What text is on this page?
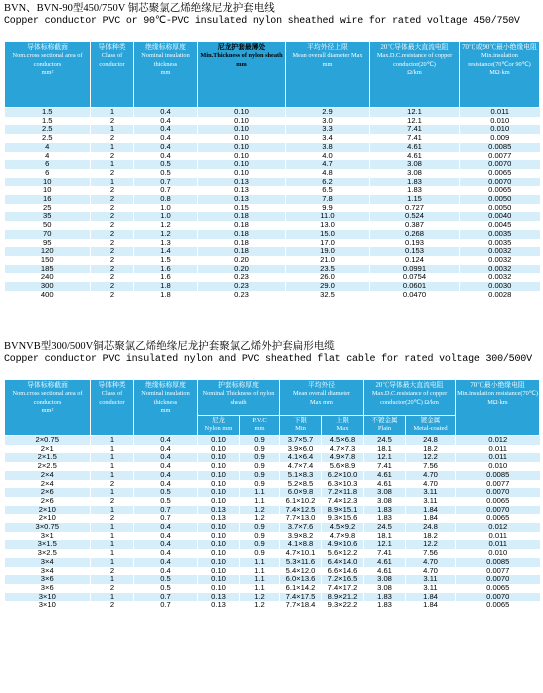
BVN、BVN-90型450/750V 铜芯聚氯乙烯绝缘尼龙护套电线
Copper conductor PVC or 90℃-PVC insulated nylon sheathed wire for rated voltage 450/750V
导体标称截面
Nom.cross sectional area of conductors
mm²	导体种类
Class of conductor	绝缘标称厚度
Nominal insulation thickness
mm	尼龙护套最薄处
Min.Thickness of nylon sheath
mm	平均外径上限
Mean overall diameter Max
mm	20℃导体最大直流电阻
Max.D.C.resistance of copper conductor(20℃)
Ω/km	70℃或90℃最小绝缘电阻
Min.insulation resistance(70℃or 90℃)
MΩ·km
1.5	1	0.4	0.10	2.9	12.1	0.011
1.5	2	0.4	0.10	3.0	12.1	0.010
2.5	1	0.4	0.10	3.3	7.41	0.010
2.5	2	0.4	0.10	3.4	7.41	0.009
4	1	0.4	0.10	3.8	4.61	0.0085
4	2	0.4	0.10	4.0	4.61	0.0077
6	1	0.5	0.10	4.7	3.08	0.0070
6	2	0.5	0.10	4.8	3.08	0.0065
10	1	0.7	0.13	6.2	1.83	0.0070
10	2	0.7	0.13	6.5	1.83	0.0065
16	2	0.8	0.13	7.8	1.15	0.0050
25	2	1.0	0.15	9.9	0.727	0.0050
35	2	1.0	0.18	11.0	0.524	0.0040
50	2	1.2	0.18	13.0	0.387	0.0045
70	2	1.2	0.18	15.0	0.268	0.0035
95	2	1.3	0.18	17.0	0.193	0.0035
120	2	1.4	0.18	19.0	0.153	0.0032
150	2	1.5	0.20	21.0	0.124	0.0032
185	2	1.6	0.20	23.5	0.0991	0.0032
240	2	1.6	0.23	26.0	0.0754	0.0032
300	2	1.8	0.23	29.0	0.0601	0.0030
400	2	1.8	0.23	32.5	0.0470	0.0028
BVNVB型300/500V铜芯聚氯乙烯绝缘尼龙护套聚氯乙烯外护套扁形电缆
Copper conductor PVC insulated nylon and PVC sheathed flat cable for rated voltage 300/500V
导体标称截面
Nom.cross sectional area of conductors
mm²	导体种类
Class of conductor	绝缘标称厚度
Nominal insulation thickness
mm	护套标称厚度
Nominal Thickness of nylon sheath		平均外径
Mean overall diameter
Max mm		20℃导体最大直流电阻
Max.D.C.resistance of copper conductor(20℃) Ω/km		70℃最小绝缘电阻
Min.insulation resistance(70℃)
MΩ·km
			尼龙
Nylon mm	P.V.C
mm	下限
Min	上限
Max	不镀金属
Plain	镀金属
Metal-coated	
2×0.75	1	0.4	0.10	0.9	3.7×5.7	4.5×6.8	24.5	24.8	0.012
2×1	1	0.4	0.10	0.9	3.9×6.0	4.7×7.3	18.1	18.2	0.011
2×1.5	1	0.4	0.10	0.9	4.1×6.4	4.9×7.8	12.1	12.2	0.011
2×2.5	1	0.4	0.10	0.9	4.7×7.4	5.6×8.9	7.41	7.56	0.010
2×4	1	0.4	0.10	0.9	5.1×8.3	6.2×10.0	4.61	4.70	0.0085
2×4	2	0.4	0.10	0.9	5.2×8.5	6.3×10.3	4.61	4.70	0.0077
2×6	1	0.5	0.10	1.1	6.0×9.8	7.2×11.8	3.08	3.11	0.0070
2×6	2	0.5	0.10	1.1	6.1×10.2	7.4×12.3	3.08	3.11	0.0065
2×10	1	0.7	0.13	1.2	7.4×12.5	8.9×15.1	1.83	1.84	0.0070
2×10	2	0.7	0.13	1.2	7.7×13.0	9.3×15.6	1.83	1.84	0.0065
3×0.75	1	0.4	0.10	0.9	3.7×7.6	4.5×9.2	24.5	24.8	0.012
3×1	1	0.4	0.10	0.9	3.9×8.2	4.7×9.8	18.1	18.2	0.011
3×1.5	1	0.4	0.10	0.9	4.1×8.8	4.9×10.6	12.1	12.2	0.011
3×2.5	1	0.4	0.10	0.9	4.7×10.1	5.6×12.2	7.41	7.56	0.010
3×4	1	0.4	0.10	1.1	5.3×11.6	6.4×14.0	4.61	4.70	0.0085
3×4	2	0.4	0.10	1.1	5.4×12.0	6.6×14.6	4.61	4.70	0.0077
3×6	1	0.5	0.10	1.1	6.0×13.6	7.2×16.5	3.08	3.11	0.0070
3×6	2	0.5	0.10	1.1	6.1×14.2	7.4×17.2	3.08	3.11	0.0065
3×10	1	0.7	0.13	1.2	7.4×17.5	8.9×21.2	1.83	1.84	0.0070
3×10	2	0.7	0.13	1.2	7.7×18.4	9.3×22.2	1.83	1.84	0.0065
